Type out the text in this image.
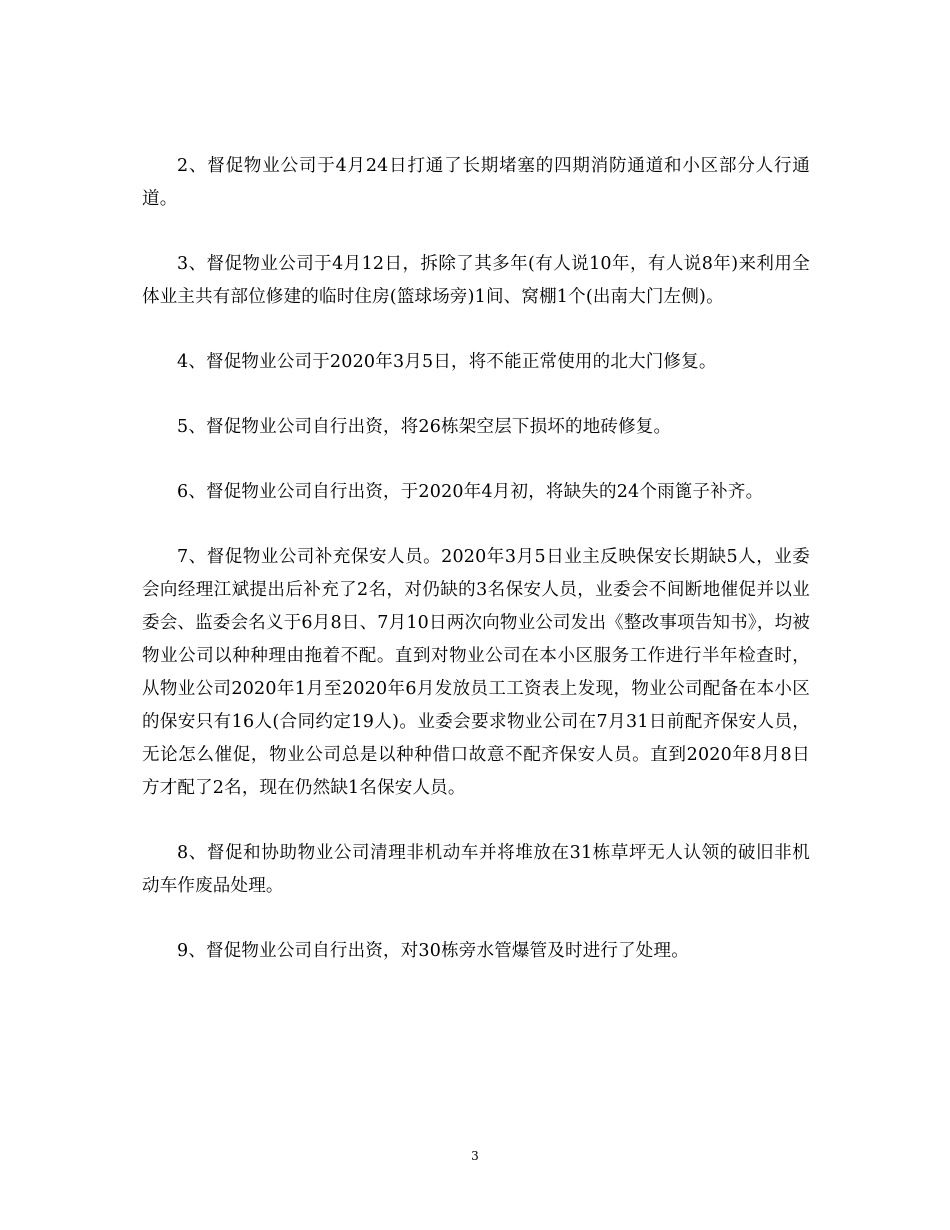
2、督促物业公司于4月24日打通了长期堵塞的四期消防通道和小区部分人行通道。

3、督促物业公司于4月12日，拆除了其多年(有人说10年，有人说8年)来利用全体业主共有部位修建的临时住房(篮球场旁)1间、窝棚1个(出南大门左侧)。

4、督促物业公司于2020年3月5日，将不能正常使用的北大门修复。

5、督促物业公司自行出资，将26栋架空层下损坏的地砖修复。

6、督促物业公司自行出资，于2020年4月初，将缺失的24个雨篦子补齐。

7、督促物业公司补充保安人员。2020年3月5日业主反映保安长期缺5人，业委会向经理江斌提出后补充了2名，对仍缺的3名保安人员，业委会不间断地催促并以业委会、监委会名义于6月8日、7月10日两次向物业公司发出《整改事项告知书》，均被物业公司以种种理由拖着不配。直到对物业公司在本小区服务工作进行半年检查时，从物业公司2020年1月至2020年6月发放员工工资表上发现，物业公司配备在本小区的保安只有16人(合同约定19人)。业委会要求物业公司在7月31日前配齐保安人员，无论怎么催促，物业公司总是以种种借口故意不配齐保安人员。直到2020年8月8日方才配了2名，现在仍然缺1名保安人员。

8、督促和协助物业公司清理非机动车并将堆放在31栋草坪无人认领的破旧非机动车作废品处理。

9、督促物业公司自行出资，对30栋旁水管爆管及时进行了处理。

3
